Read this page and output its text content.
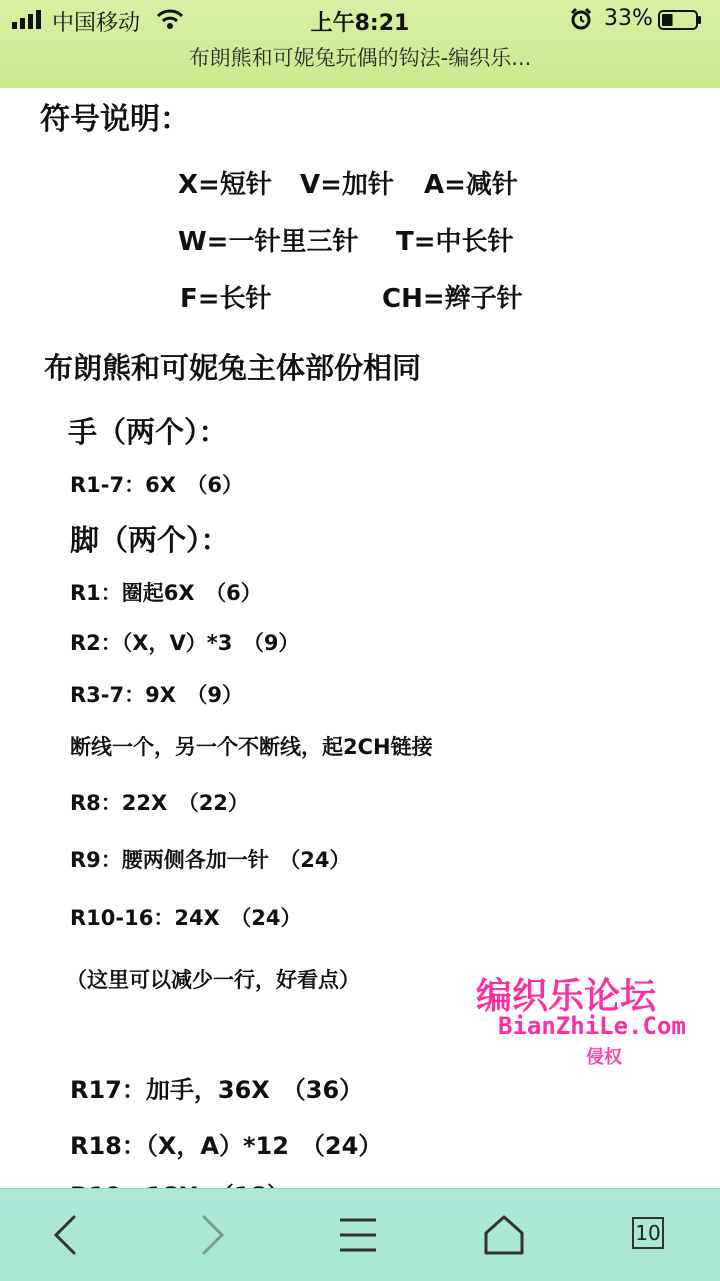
中国移动	上午8:21	33%
布朗熊和可妮兔玩偶的钩法-编织乐...
符号说明：
X=短针 V=加针 A=减针
W=一针里三针 T=中长针
F=长针	CH=辫子针
布朗熊和可妮兔主体部份相同
手（两个）：
R1-7：6X　（6）
脚（两个）：
R1：圈起6X　（6）
R2：（X，V）*3　（9）
R3-7：9X　（9）
断线一个，另一个不断线，起2CH链接
R8：22X　（22）
R9：腰两侧各加一针　（24）
R10-16：24X　（24）
（这里可以减少一行，好看点）	编织乐论坛
BianZhiLe.Com
侵权
R17：加手，36X　（36）
R18：（X，A）*12　（24）
10
